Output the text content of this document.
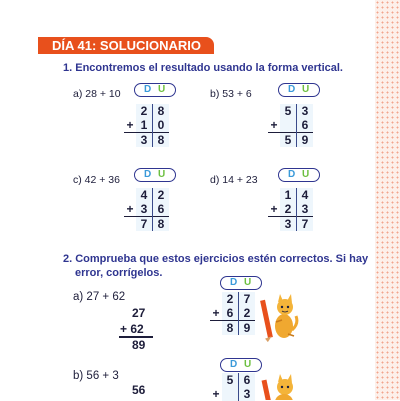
DÍA 41: SOLUCIONARIO
1. Encontremos el resultado usando la forma vertical.
a) 28 + 10 D U
	2	8
+	1	0
	3	8
b) 53 + 6	D U
	5	3
+		6
	5	9
c) 42 + 36 D U
	4	2
+	3	6
	7	8
d) 14 + 23	D U
	1	4
+	2	3
	3	7
2. Comprueba que estos ejercicios estén correctos. Si hay
error, corrígelos.
a) 27 + 62
27
+ 62
89
D U
	2	7
+	6	2
	8	9
D U
b) 56 + 3
56
	5	6
+		3
